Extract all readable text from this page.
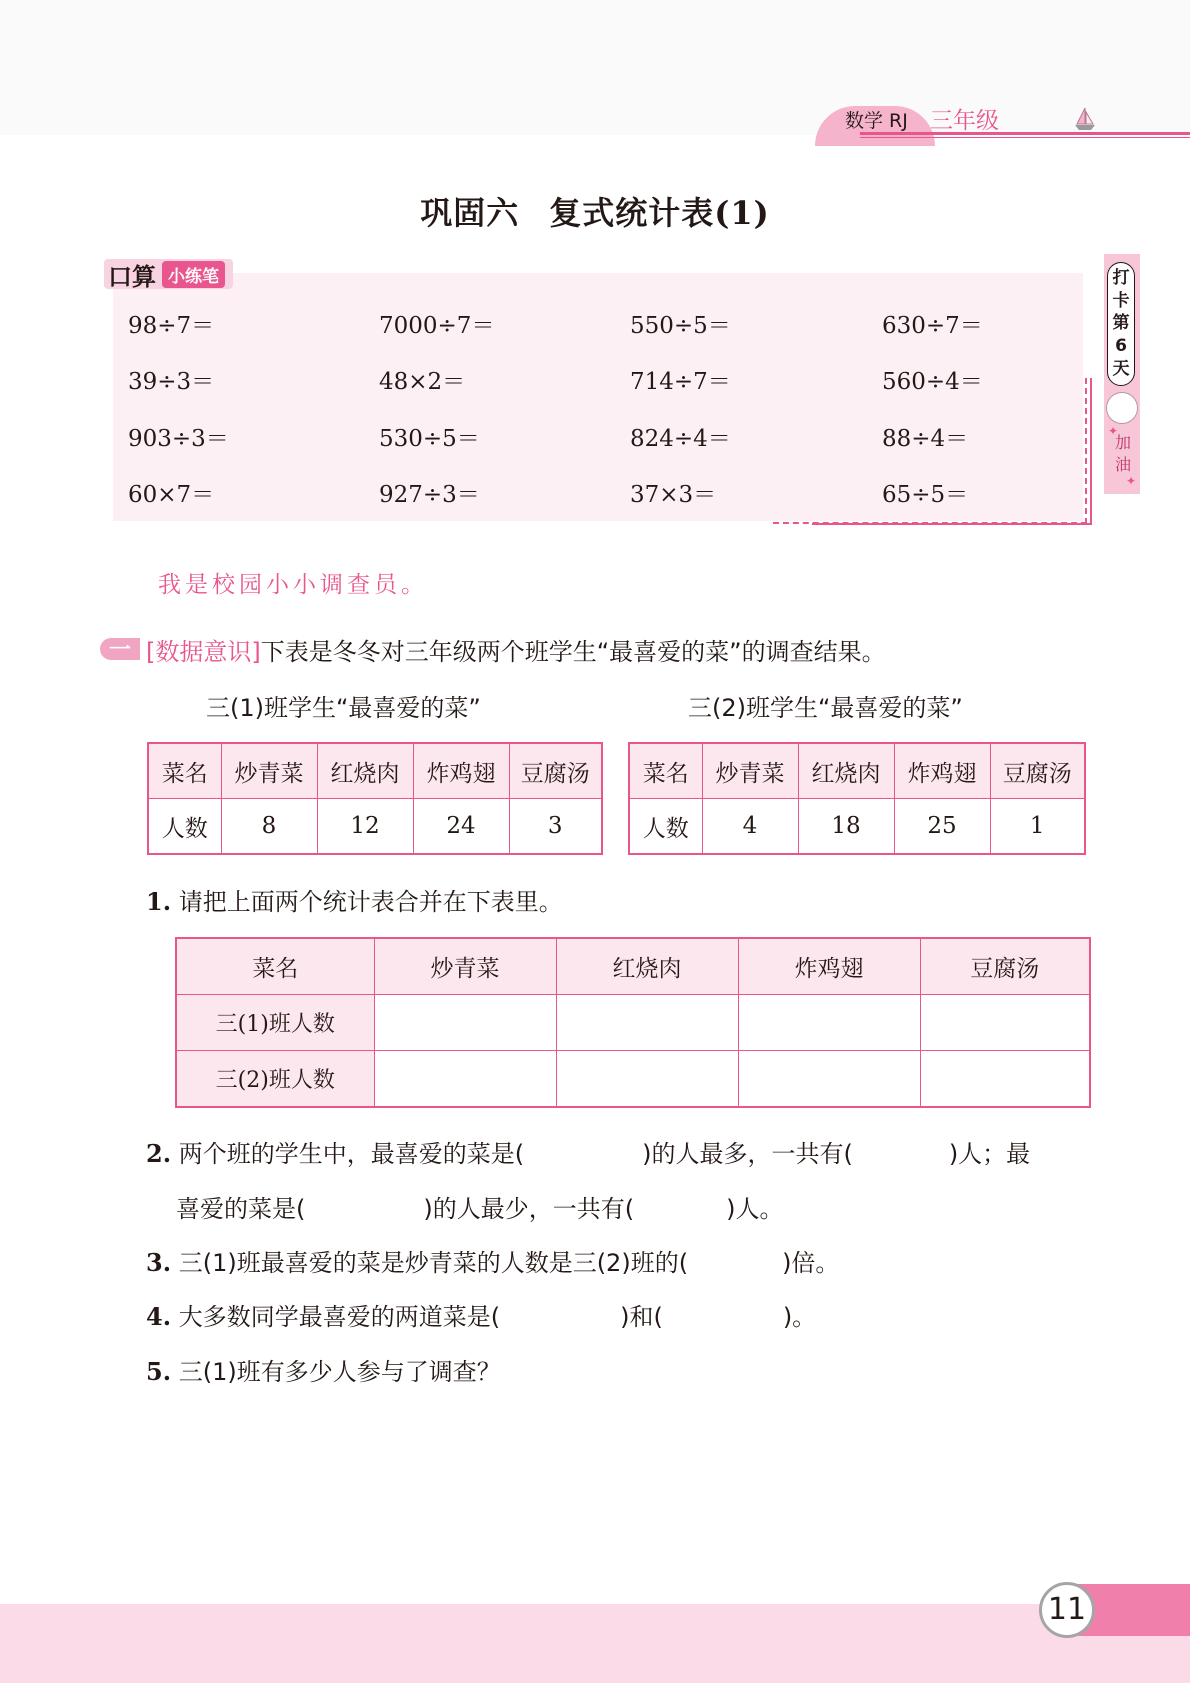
数学 RJ 三年级
巩固六 复式统计表(1)
口算 小练笔
98÷7＝	7000÷7＝	550÷5＝	630÷7＝
39÷3＝	48×2＝	714÷7＝	560÷4＝
903÷3＝	530÷5＝	824÷4＝	88÷4＝
60×7＝	927÷3＝	37×3＝	65÷5＝
打
卡
第
6
天
加油
✦
✦
我是校园小小调查员。
一 [数据意识]下表是冬冬对三年级两个班学生“最喜爱的菜”的调查结果。
三(1)班学生“最喜爱的菜”	三(2)班学生“最喜爱的菜”
菜名	炒青菜	红烧肉	炸鸡翅	豆腐汤
人数	8	12	24	3
菜名	炒青菜	红烧肉	炸鸡翅	豆腐汤
人数	4	18	25	1
1. 请把上面两个统计表合并在下表里。
菜名	炒青菜	红烧肉	炸鸡翅	豆腐汤
三(1)班人数				
三(2)班人数				
2. 两个班的学生中，最喜爱的菜是(	)的人最多，一共有(	)人；最
喜爱的菜是(	)的人最少，一共有(	)人。
3. 三(1)班最喜爱的菜是炒青菜的人数是三(2)班的(	)倍。
4. 大多数同学最喜爱的两道菜是(	)和(	)。
5. 三(1)班有多少人参与了调查？
11
